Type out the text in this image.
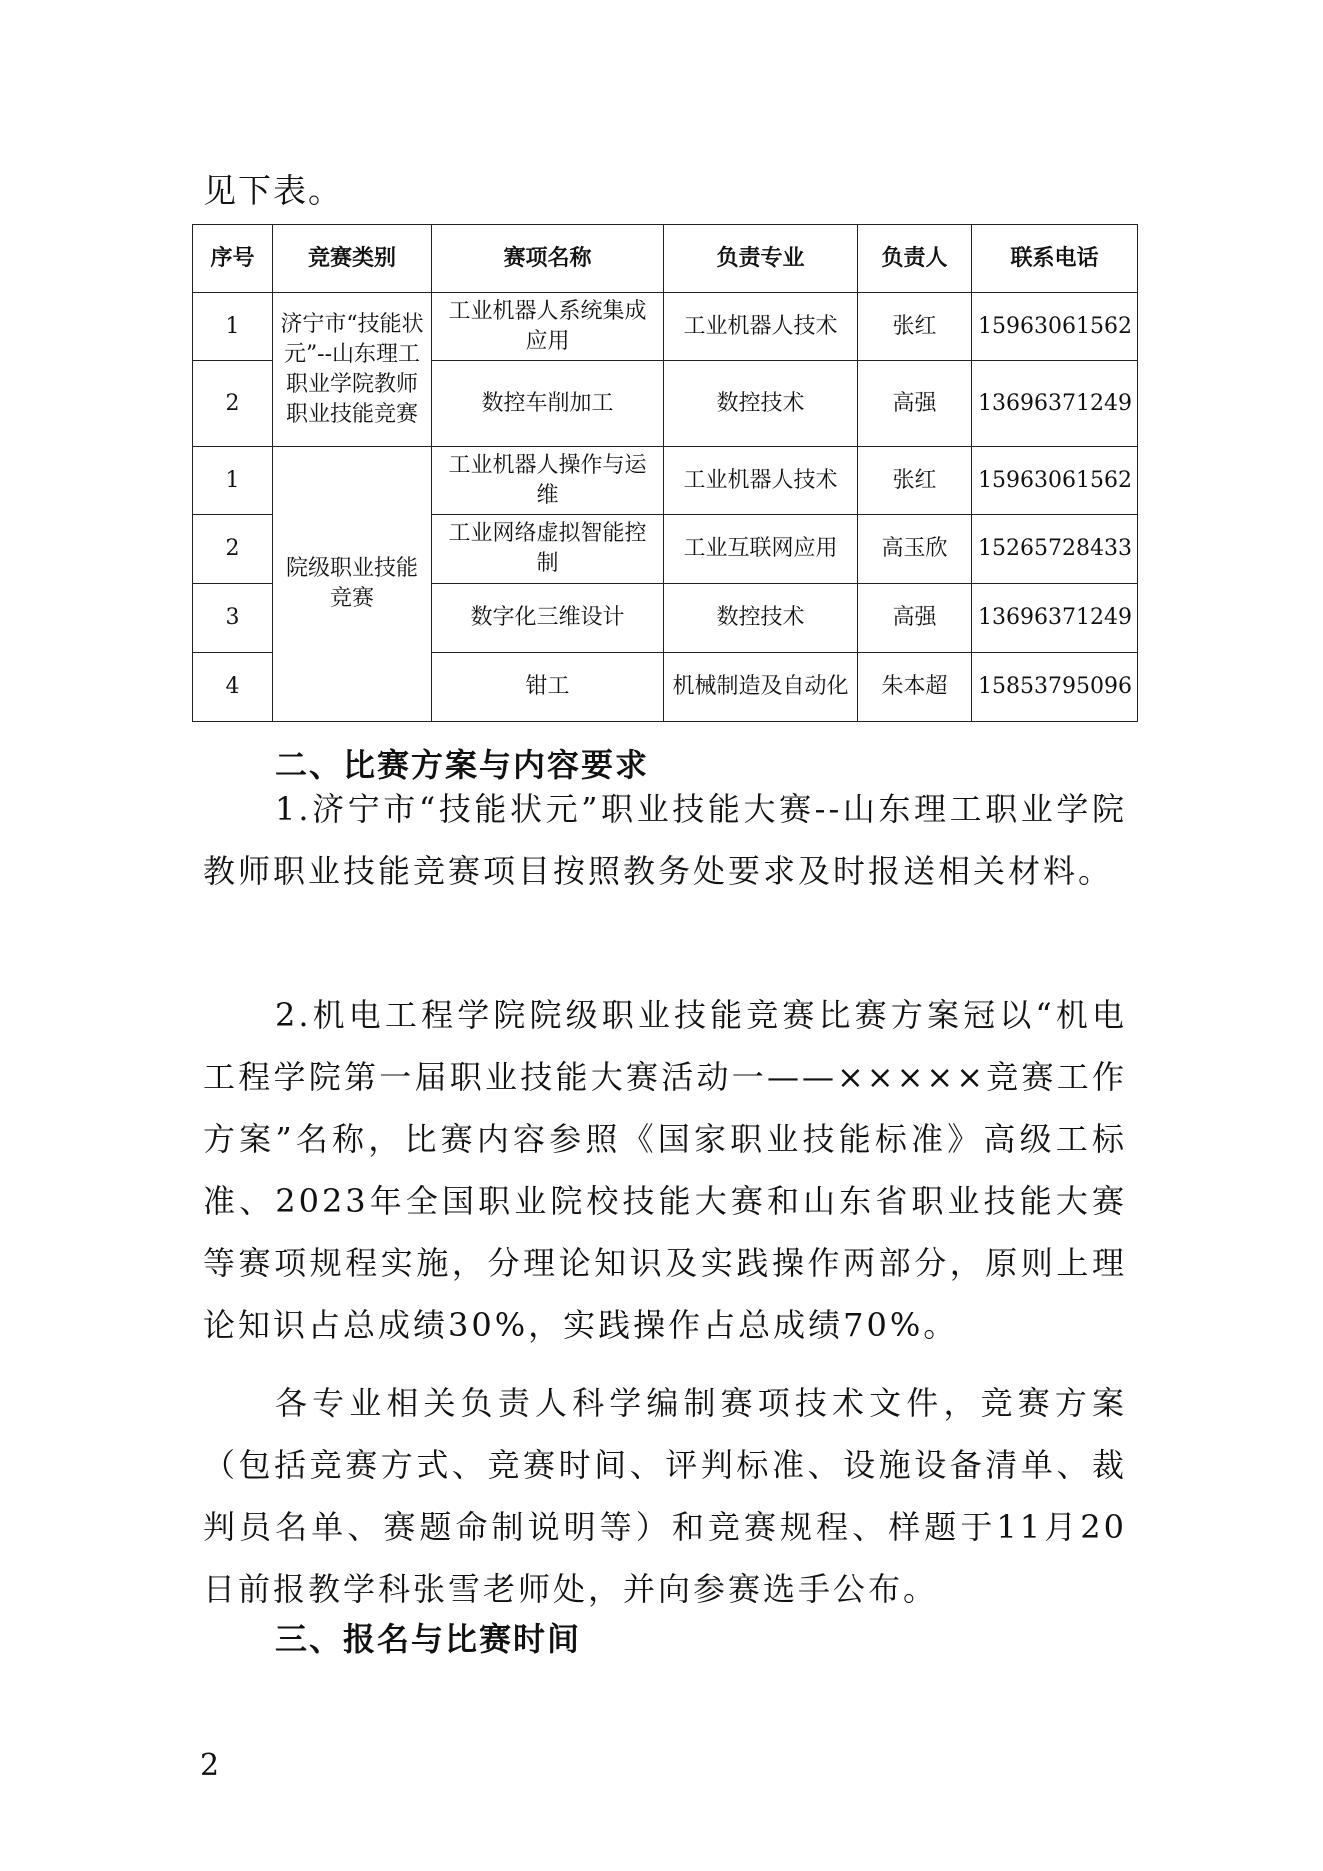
见下表。
序号	竞赛类别	赛项名称	负责专业	负责人	联系电话
1	济宁市“技能状元”--山东理工职业学院教师职业技能竞赛	工业机器人系统集成应用	工业机器人技术	张红	15963061562
2		数控车削加工	数控技术	高强	13696371249
1	院级职业技能竞赛	工业机器人操作与运维	工业机器人技术	张红	15963061562
2		工业网络虚拟智能控制	工业互联网应用	高玉欣	15265728433
3		数字化三维设计	数控技术	高强	13696371249
4		钳工	机械制造及自动化	朱本超	15853795096
二、比赛方案与内容要求

1.济宁市“技能状元”职业技能大赛--山东理工职业学院教师职业技能竞赛项目按照教务处要求及时报送相关材料。

2.机电工程学院院级职业技能竞赛比赛方案冠以“机电工程学院第一届职业技能大赛活动一——×××××竞赛工作方案”名称，比赛内容参照《国家职业技能标准》高级工标准、2023年全国职业院校技能大赛和山东省职业技能大赛等赛项规程实施，分理论知识及实践操作两部分，原则上理论知识占总成绩30%，实践操作占总成绩70%。

各专业相关负责人科学编制赛项技术文件，竞赛方案（包括竞赛方式、竞赛时间、评判标准、设施设备清单、裁判员名单、赛题命制说明等）和竞赛规程、样题于11月20日前报教学科张雪老师处，并向参赛选手公布。

三、报名与比赛时间
2
